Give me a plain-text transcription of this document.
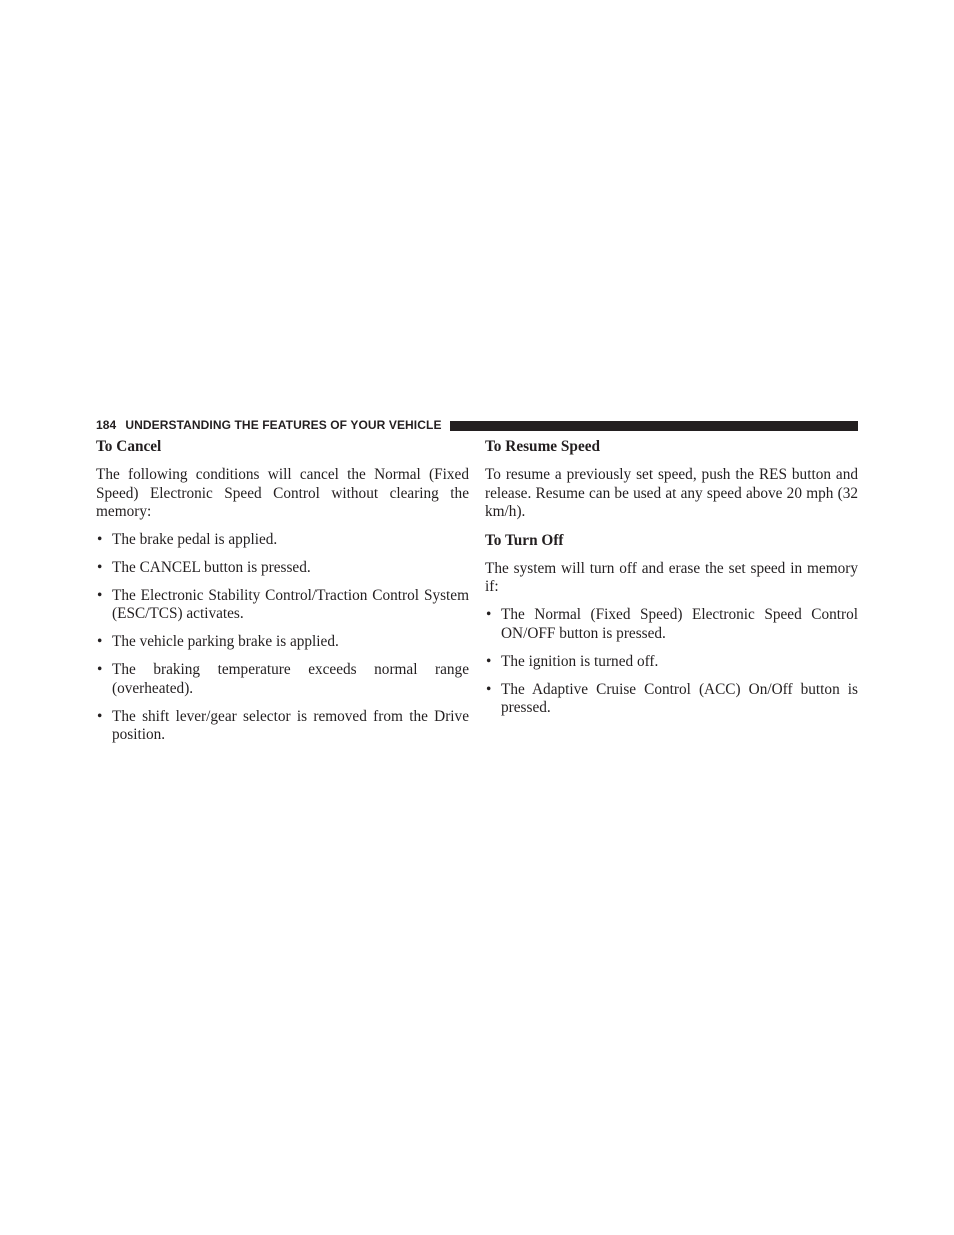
184 UNDERSTANDING THE FEATURES OF YOUR VEHICLE
To Cancel

The following conditions will cancel the Normal (Fixed Speed) Electronic Speed Control without clearing the memory:

• The brake pedal is applied.
• The CANCEL button is pressed.
• The Electronic Stability Control/Traction Control System (ESC/TCS) activates.
• The vehicle parking brake is applied.
• The braking temperature exceeds normal range (overheated).
• The shift lever/gear selector is removed from the Drive position.
To Resume Speed

To resume a previously set speed, push the RES button and release. Resume can be used at any speed above 20 mph (32 km/h).

To Turn Off

The system will turn off and erase the set speed in memory if:

• The Normal (Fixed Speed) Electronic Speed Control ON/OFF button is pressed.
• The ignition is turned off.
• The Adaptive Cruise Control (ACC) On/Off button is pressed.
